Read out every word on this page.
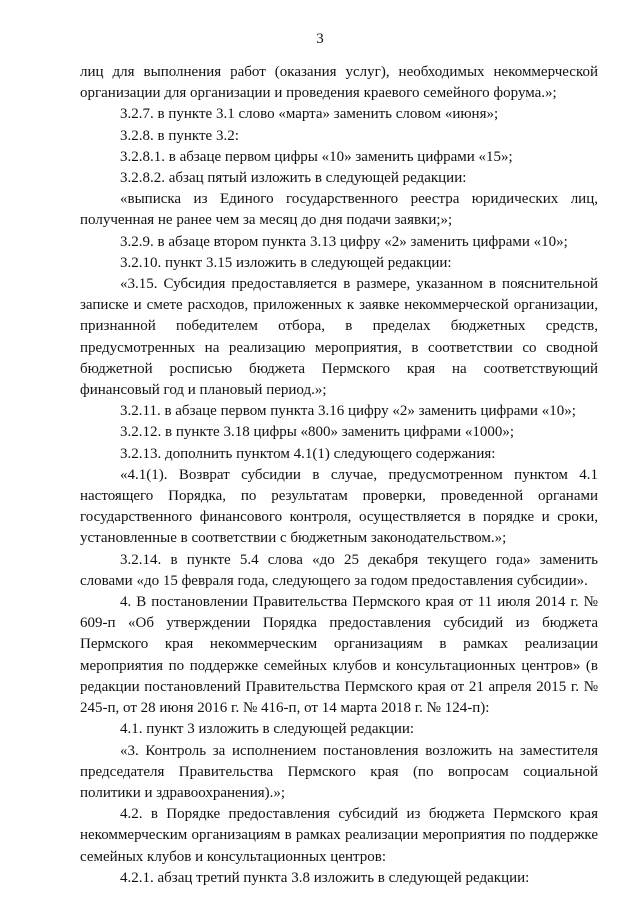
3

лиц для выполнения работ (оказания услуг), необходимых некоммерческой организации для организации и проведения краевого семейного форума.»;

3.2.7. в пункте 3.1 слово «марта» заменить словом «июня»;

3.2.8. в пункте 3.2:

3.2.8.1. в абзаце первом цифры «10» заменить цифрами «15»;

3.2.8.2. абзац пятый изложить в следующей редакции:

«выписка из Единого государственного реестра юридических лиц, полученная не ранее чем за месяц до дня подачи заявки;»;

3.2.9. в абзаце втором пункта 3.13 цифру «2» заменить цифрами «10»;

3.2.10. пункт 3.15 изложить в следующей редакции:

«3.15. Субсидия предоставляется в размере, указанном в пояснительной записке и смете расходов, приложенных к заявке некоммерческой организации, признанной победителем отбора, в пределах бюджетных средств, предусмотренных на реализацию мероприятия, в соответствии со сводной бюджетной росписью бюджета Пермского края на соответствующий финансовый год и плановый период.»;

3.2.11. в абзаце первом пункта 3.16 цифру «2» заменить цифрами «10»;

3.2.12. в пункте 3.18 цифры «800» заменить цифрами «1000»;

3.2.13. дополнить пунктом 4.1(1) следующего содержания:

«4.1(1). Возврат субсидии в случае, предусмотренном пунктом 4.1 настоящего Порядка, по результатам проверки, проведенной органами государственного финансового контроля, осуществляется в порядке и сроки, установленные в соответствии с бюджетным законодательством.»;

3.2.14. в пункте 5.4 слова «до 25 декабря текущего года» заменить словами «до 15 февраля года, следующего за годом предоставления субсидии».

4. В постановлении Правительства Пермского края от 11 июля 2014 г. № 609-п «Об утверждении Порядка предоставления субсидий из бюджета Пермского края некоммерческим организациям в рамках реализации мероприятия по поддержке семейных клубов и консультационных центров» (в редакции постановлений Правительства Пермского края от 21 апреля 2015 г. № 245-п, от 28 июня 2016 г. № 416-п, от 14 марта 2018 г. № 124-п):

4.1. пункт 3 изложить в следующей редакции:

«3. Контроль за исполнением постановления возложить на заместителя председателя Правительства Пермского края (по вопросам социальной политики и здравоохранения).»;

4.2. в Порядке предоставления субсидий из бюджета Пермского края некоммерческим организациям в рамках реализации мероприятия по поддержке семейных клубов и консультационных центров:

4.2.1. абзац третий пункта 3.8 изложить в следующей редакции:
